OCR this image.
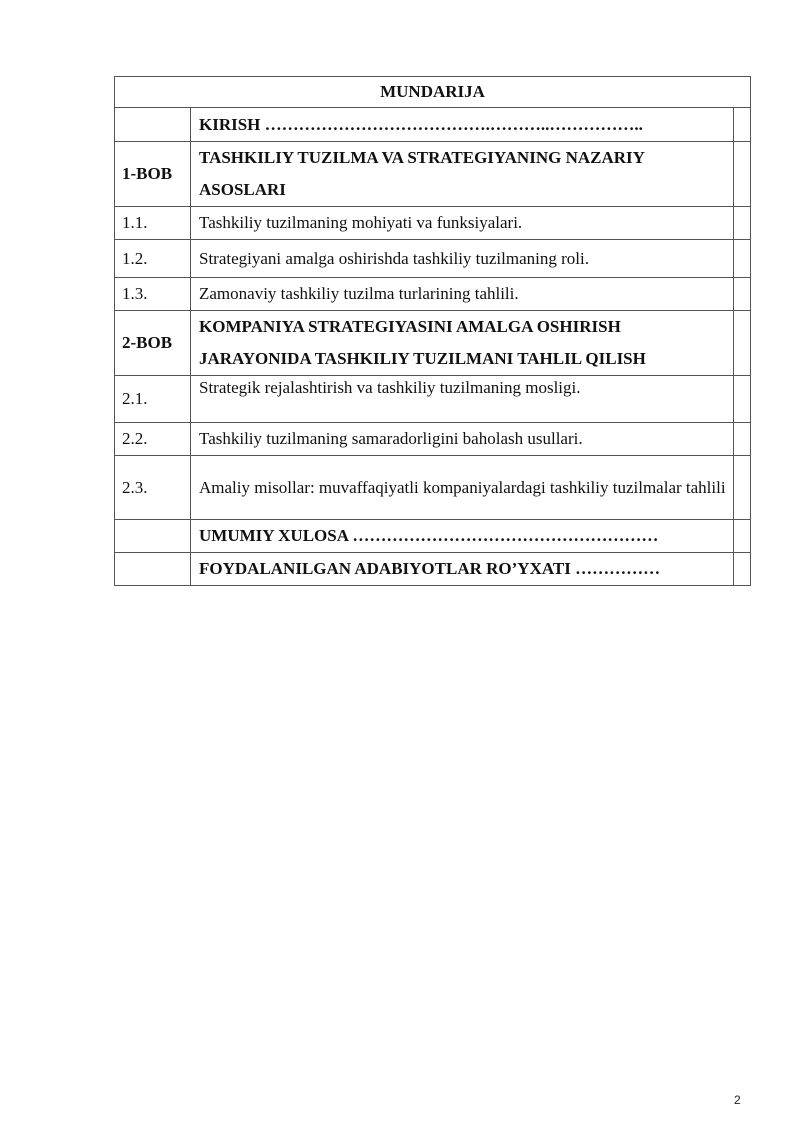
MUNDARIJA		
	KIRISH ………………………………….………..……………..	
1-BOB	TASHKILIY TUZILMA VA STRATEGIYANING NAZARIY ASOSLARI	
1.1.	Tashkiliy tuzilmaning mohiyati va funksiyalari.	
1.2.	Strategiyani amalga oshirishda tashkiliy tuzilmaning roli.	
1.3.	Zamonaviy tashkiliy tuzilma turlarining tahlili.	
2-BOB	KOMPANIYA STRATEGIYASINI AMALGA OSHIRISH JARAYONIDA TASHKILIY TUZILMANI TAHLIL QILISH	
2.1.	Strategik rejalashtirish va tashkiliy tuzilmaning mosligi.	
2.2.	Tashkiliy tuzilmaning samaradorligini baholash usullari.	
2.3.	Amaliy misollar: muvaffaqiyatli kompaniyalardagi tashkiliy tuzilmalar tahlili	
	UMUMIY XULOSA ………………………………………………	
	FOYDALANILGAN ADABIYOTLAR RO’YXATI ……………	
2
